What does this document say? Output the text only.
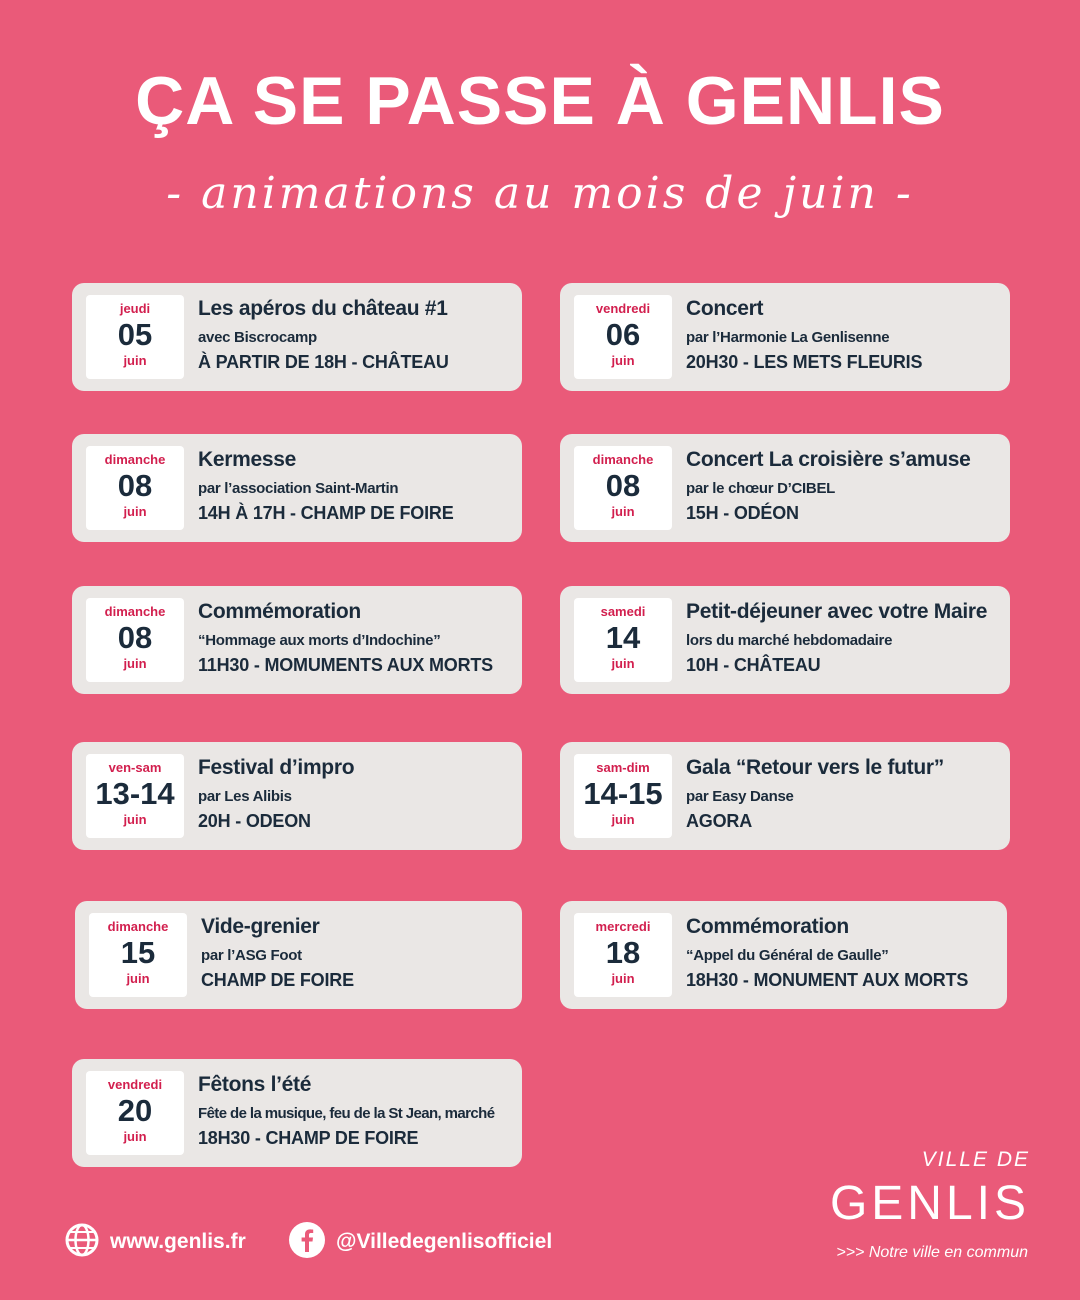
ÇA SE PASSE À GENLIS
- animations au mois de juin -
jeudi
05
juin
Les apéros du château #1
avec Biscrocamp
À PARTIR DE 18H - CHÂTEAU
vendredi
06
juin
Concert
par l’Harmonie La Genlisenne
20H30 - LES METS FLEURIS
dimanche
08
juin
Kermesse
par l’association Saint-Martin
14H À 17H - CHAMP DE FOIRE
dimanche
08
juin
Concert La croisière s’amuse
par le chœur D’CIBEL
15H - ODÉON
dimanche
08
juin
Commémoration
“Hommage aux morts d’Indochine”
11H30 - MOMUMENTS AUX MORTS
samedi
14
juin
Petit-déjeuner avec votre Maire
lors du marché hebdomadaire
10H - CHÂTEAU
ven-sam
13-14
juin
Festival d’impro
par Les Alibis
20H - ODEON
sam-dim
14-15
juin
Gala “Retour vers le futur”
par Easy Danse
AGORA
dimanche
15
juin
Vide-grenier
par l’ASG Foot
CHAMP DE FOIRE
mercredi
18
juin
Commémoration
“Appel du Général de Gaulle”
18H30 - MONUMENT AUX MORTS
vendredi
20
juin
Fêtons l’été
Fête de la musique, feu de la St Jean, marché
18H30 - CHAMP DE FOIRE
www.genlis.fr	@Villedegenlisofficiel
VILLE DE
GENLIS
>>> Notre ville en commun
